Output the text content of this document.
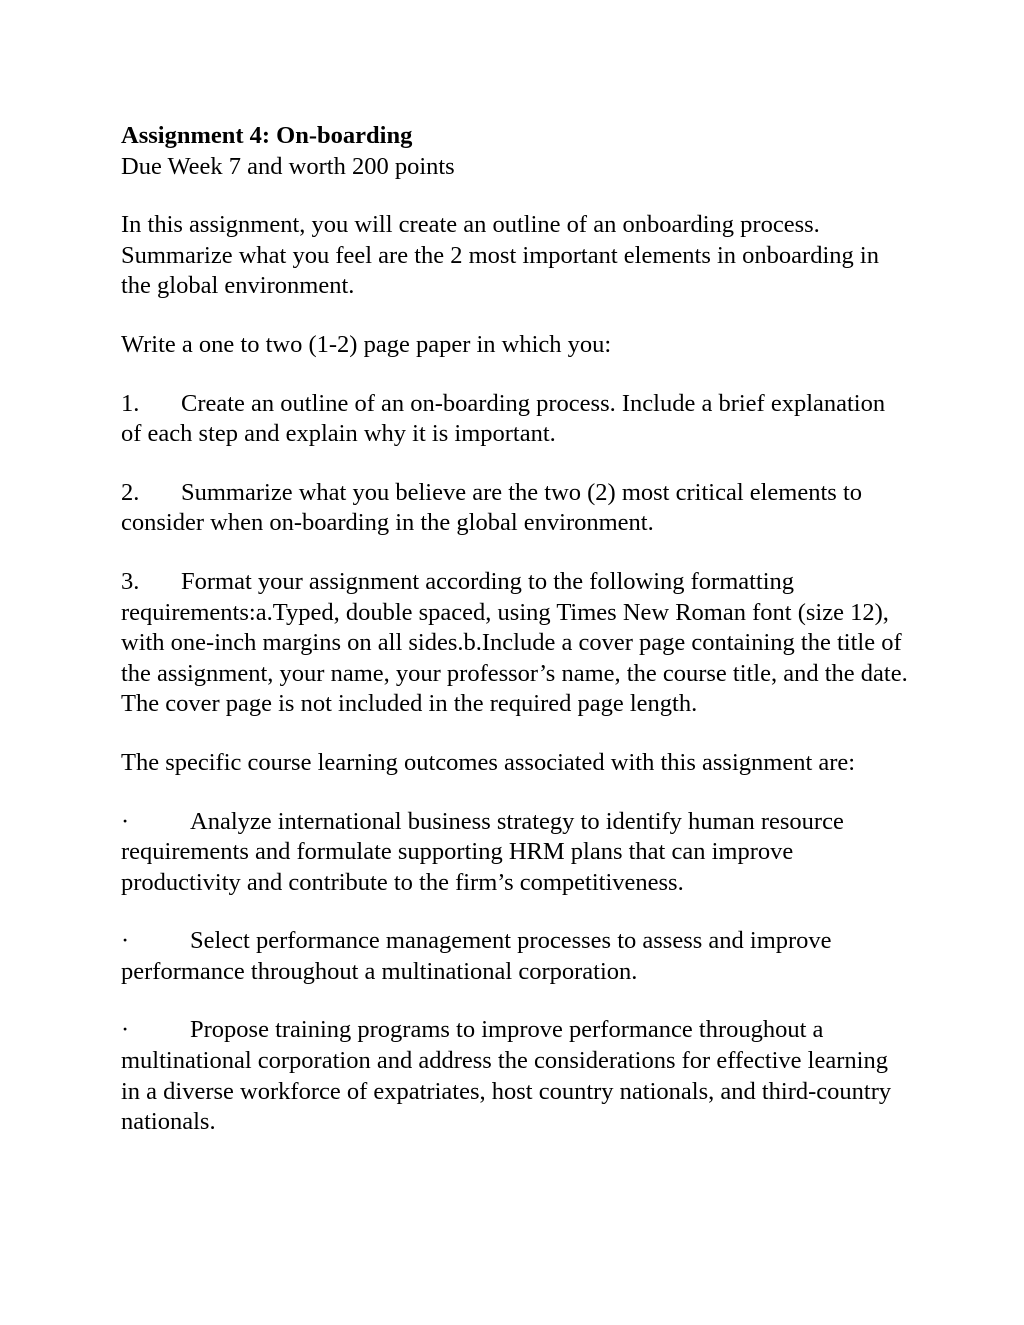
Assignment 4: On-boarding
Due Week 7 and worth 200 points

In this assignment, you will create an outline of an onboarding process. Summarize what you feel are the 2 most important elements in onboarding in the global environment.

Write a one to two (1-2) page paper in which you:

1. Create an outline of an on-boarding process. Include a brief explanation of each step and explain why it is important.

2. Summarize what you believe are the two (2) most critical elements to consider when on-boarding in the global environment.

3. Format your assignment according to the following formatting requirements:a.Typed, double spaced, using Times New Roman font (size 12), with one-inch margins on all sides.b.Include a cover page containing the title of the assignment, your name, your professor’s name, the course title, and the date. The cover page is not included in the required page length.

The specific course learning outcomes associated with this assignment are:

· Analyze international business strategy to identify human resource requirements and formulate supporting HRM plans that can improve productivity and contribute to the firm’s competitiveness.

· Select performance management processes to assess and improve performance throughout a multinational corporation.

· Propose training programs to improve performance throughout a multinational corporation and address the considerations for effective learning in a diverse workforce of expatriates, host country nationals, and third-country nationals.
